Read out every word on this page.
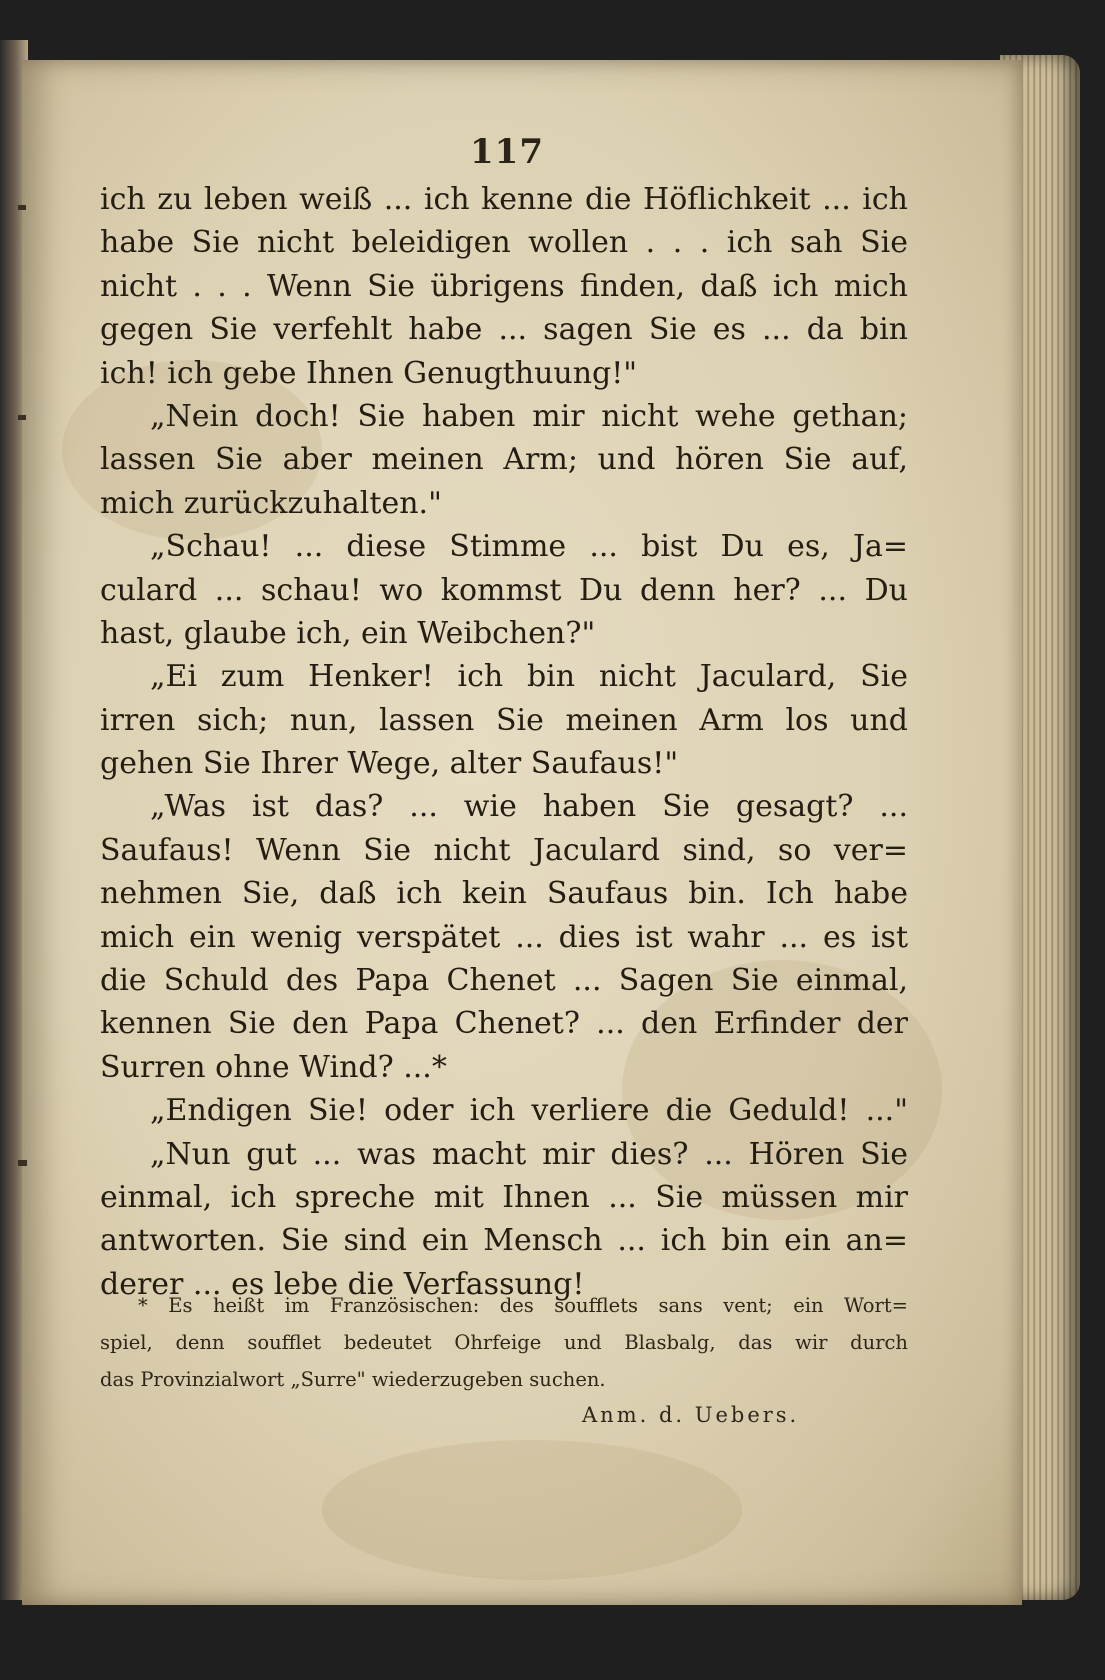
117
ich zu leben weiß ... ich kenne die Höflichkeit ... ich
habe Sie nicht beleidigen wollen . . . ich sah Sie
nicht . . . Wenn Sie übrigens finden, daß ich mich
gegen Sie verfehlt habe ... sagen Sie es ... da bin
ich! ich gebe Ihnen Genugthuung!"
„Nein doch! Sie haben mir nicht wehe gethan;
lassen Sie aber meinen Arm; und hören Sie auf,
mich zurückzuhalten."
„Schau! ... diese Stimme ... bist Du es, Ja=
culard ... schau! wo kommst Du denn her? ... Du
hast, glaube ich, ein Weibchen?"
„Ei zum Henker! ich bin nicht Jaculard, Sie
irren sich; nun, lassen Sie meinen Arm los und
gehen Sie Ihrer Wege, alter Saufaus!"
„Was ist das? ... wie haben Sie gesagt? ...
Saufaus! Wenn Sie nicht Jaculard sind, so ver=
nehmen Sie, daß ich kein Saufaus bin. Ich habe
mich ein wenig verspätet ... dies ist wahr ... es ist
die Schuld des Papa Chenet ... Sagen Sie einmal,
kennen Sie den Papa Chenet? ... den Erfinder der
Surren ohne Wind? ...*
„Endigen Sie! oder ich verliere die Geduld! ..."
„Nun gut ... was macht mir dies? ... Hören Sie
einmal, ich spreche mit Ihnen ... Sie müssen mir
antworten. Sie sind ein Mensch ... ich bin ein an=
derer ... es lebe die Verfassung!
* Es heißt im Französischen: des soufflets sans vent; ein Wort=
spiel, denn soufflet bedeutet Ohrfeige und Blasbalg, das wir durch
das Provinzialwort „Surre" wiederzugeben suchen.
Anm. d. Uebers.
